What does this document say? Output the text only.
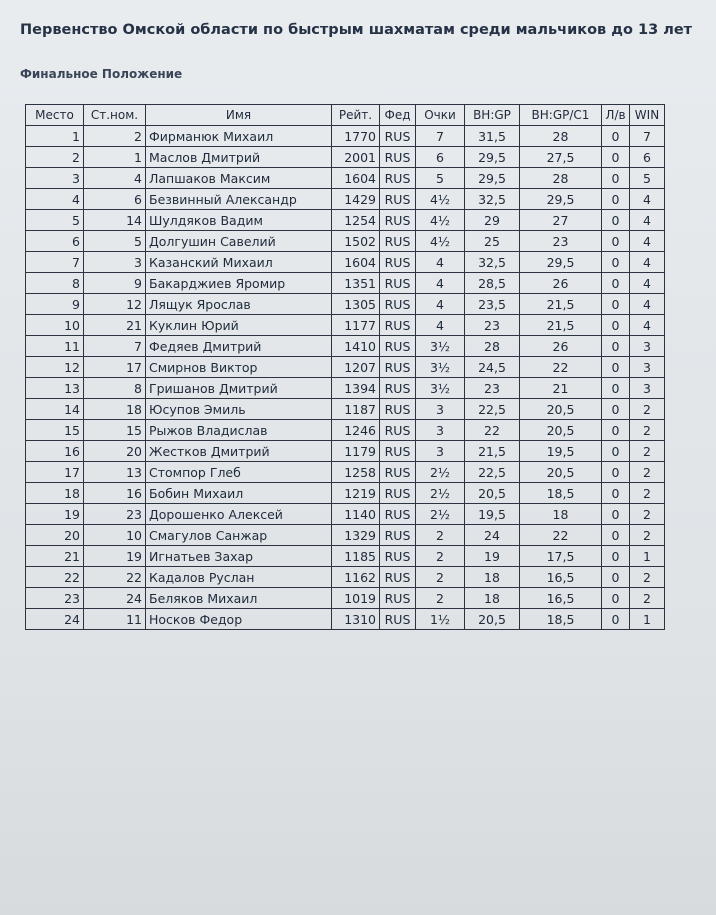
Первенство Омской области по быстрым шахматам среди мальчиков до 13 лет
Финальное Положение
Место	Ст.ном.	Имя	Рейт.	Фед	Очки	BH:GP	BH:GP/C1	Л/в	WIN
1	2	Фирманюк Михаил	1770	RUS	7	31,5	28	0	7
2	1	Маслов Дмитрий	2001	RUS	6	29,5	27,5	0	6
3	4	Лапшаков Максим	1604	RUS	5	29,5	28	0	5
4	6	Безвинный Александр	1429	RUS	4½	32,5	29,5	0	4
5	14	Шулдяков Вадим	1254	RUS	4½	29	27	0	4
6	5	Долгушин Савелий	1502	RUS	4½	25	23	0	4
7	3	Казанский Михаил	1604	RUS	4	32,5	29,5	0	4
8	9	Бакарджиев Яромир	1351	RUS	4	28,5	26	0	4
9	12	Лящук Ярослав	1305	RUS	4	23,5	21,5	0	4
10	21	Куклин Юрий	1177	RUS	4	23	21,5	0	4
11	7	Федяев Дмитрий	1410	RUS	3½	28	26	0	3
12	17	Смирнов Виктор	1207	RUS	3½	24,5	22	0	3
13	8	Гришанов Дмитрий	1394	RUS	3½	23	21	0	3
14	18	Юсупов Эмиль	1187	RUS	3	22,5	20,5	0	2
15	15	Рыжов Владислав	1246	RUS	3	22	20,5	0	2
16	20	Жестков Дмитрий	1179	RUS	3	21,5	19,5	0	2
17	13	Стомпор Глеб	1258	RUS	2½	22,5	20,5	0	2
18	16	Бобин Михаил	1219	RUS	2½	20,5	18,5	0	2
19	23	Дорошенко Алексей	1140	RUS	2½	19,5	18	0	2
20	10	Смагулов Санжар	1329	RUS	2	24	22	0	2
21	19	Игнатьев Захар	1185	RUS	2	19	17,5	0	1
22	22	Кадалов Руслан	1162	RUS	2	18	16,5	0	2
23	24	Беляков Михаил	1019	RUS	2	18	16,5	0	2
24	11	Носков Федор	1310	RUS	1½	20,5	18,5	0	1
